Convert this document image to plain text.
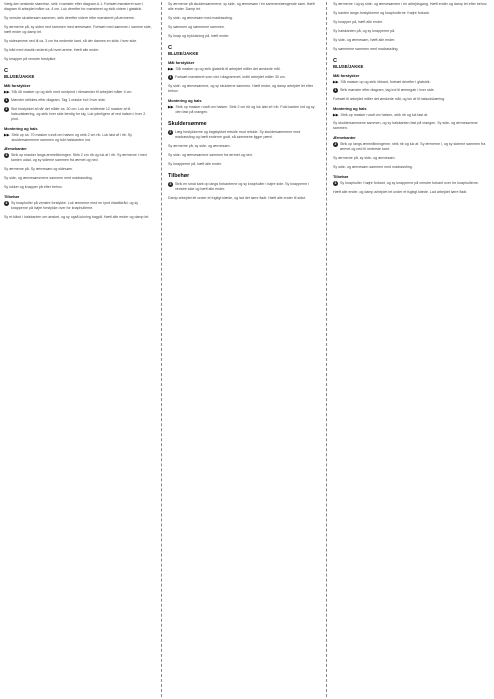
Vælg den ønskede størrelse, strik i mønster efter diagram A.1. Fortsæt mønsteret som i diagram til arbejdet måler ca. 4 cm. Luk derefter for mønsteret og strik videre i glatstrik.
Sy venstre skuldersøm sammen, strik derefter videre efter mønsteret på ærmerne.
Sy ærmerne på, sy siden ned sammen med ærmesøm. Fortsæt med sømmen i samme side, hæft ender og damp let.
Sy sidesømme ned til ca. 3 cm fra nederste kant, så der dannes en slids i hver side.
Sy tråd med elastik nederst på hvert ærme. Hæft alle ender.
Sy knapper på venstre forstykke.
C
BLUSE/JAKKE
Mål forstykker
▶▶ Slå 48 masker op og strik med rundpind i ribmønster til arbejdet måler 4 cm.
1 Mønster strikkes efter diagram. Tag 1 maske ind i hver side.
2 Slut forstykket af når det måler ca. 30 cm. Luk de midterste 12 masker af til halsudskæring, og strik hver side færdig for sig. Luk yderligere af ved halsen i hver 2. pind.
Montering og hals
▶▶ Strik op ca. 70 masker rundt om halsen og strik 2 cm rib. Luk løst af i rib. Sy skuldersømmene sammen og fold halskanten ind.
Ærmekanter
3 Strik op masker langs ærmeåbningen. Strik 2 cm rib og luk af i rib. Sy ærmerne i med kanten udad, og sy siderne sammen fra ærmet og ned.
Sy ærmerne på. Sy ærmesøm og sidesøm.
Sy side- og ærmesømmene sammen med madrassting.
Sy lukker og knapper på efter behov.
Tilbehør
4 Sy knaphuller på venstre forstykke. Luk ærmerne med en tynd elastiktråd, og sy knapperne på højre forstykke over for knaphullerne.
Sy et bånd i halskanten om ønsket, og sy også lukning bagpå. Hæft alle ender og damp let.
Sy ærmerne på skuldersømmene, sy side- og ærmesøm i én sammenhængende søm. Hæft alle ender. Damp let.
Sy side- og ærmesøm med madrassting.
Sy sømmen og sømmene sammen.
Sy knap og tryklukning på, hæft ender.
C
BLUSE/JAKKE
Mål forstykker
▶▶ Slå masker op og strik glatstrik til arbejdet måler det ønskede mål.
1 Fortsæt mønsteret som vist i diagrammet, indtil arbejdet måler 30 cm.
Sy side- og ærmesømme, og sy skulderne sammen. Hæft ender, og damp arbejdet let efter behov.
Montering og hals
▶▶ Strik op masker rundt om halsen. Strik 2 cm rib og luk løst af i rib. Fold kanten ind og sy den fast på vrangen.
Skuldersømme
2 Læg forstykkerne og bagstykket retside mod retside. Sy skuldersømmene med madrassting og hæft enderne godt, så sømmene ligger pænt.
Sy ærmerne på, sy side- og ærmesøm.
Sy side- og ærmesømme sammen fra ærmet og ned.
Sy knapperne på, hæft alle ender.
Tilbehør
3 Strik en smal kant op langs forkanterne og sy knaphuller i højre side. Sy knapperne i venstre side og hæft alle ender.
Damp arbejdet let under et fugtigt klæde, og lad det tørre fladt. Hæft alle ender til sidst.
Sy ærmerne i og sy side- og ærmesømme i én arbejdsgang. Hæft ender og damp let efter behov.
Sy kanten langs forstykkerne og knaphullerne i højre forkant.
Sy knapper på, hæft alle ender.
Sy halskanten på, og sy knapperne på.
Sy side- og ærmesøm, hæft alle ender.
Sy sømmene sammen med madrassting.
C
BLUSE/JAKKE
Mål forstykker
▶▶ Slå masker op og strik ribkant, fortsæt derefter i glatstrik.
1 Strik mønster efter diagram, tag ind til ærmegab i hver side.
Fortsæt til arbejdet måler det ønskede mål, og luk af til halsudskæring.
Montering og hals
▶▶ Strik op masker rundt om halsen, strik rib og luk løst af.
Sy skuldersømmene sammen, og sy halskanten fast på vrangen. Sy side- og ærmesømme sammen.
Ærmekanter
2 Strik op langs ærmeåbningerne, strik rib og luk af. Sy ærmerne i, og sy siderne sammen fra ærmet og ned til nederste kant.
Sy ærmerne på, sy side- og ærmesøm.
Sy side- og ærmesøm sammen med madrassting.
Tilbehør
3 Sy knaphuller i højre forkant, og sy knapperne på venstre forkant over for knaphullerne.
Hæft alle ender, og damp arbejdet let under et fugtigt klæde. Lad arbejdet tørre fladt.
